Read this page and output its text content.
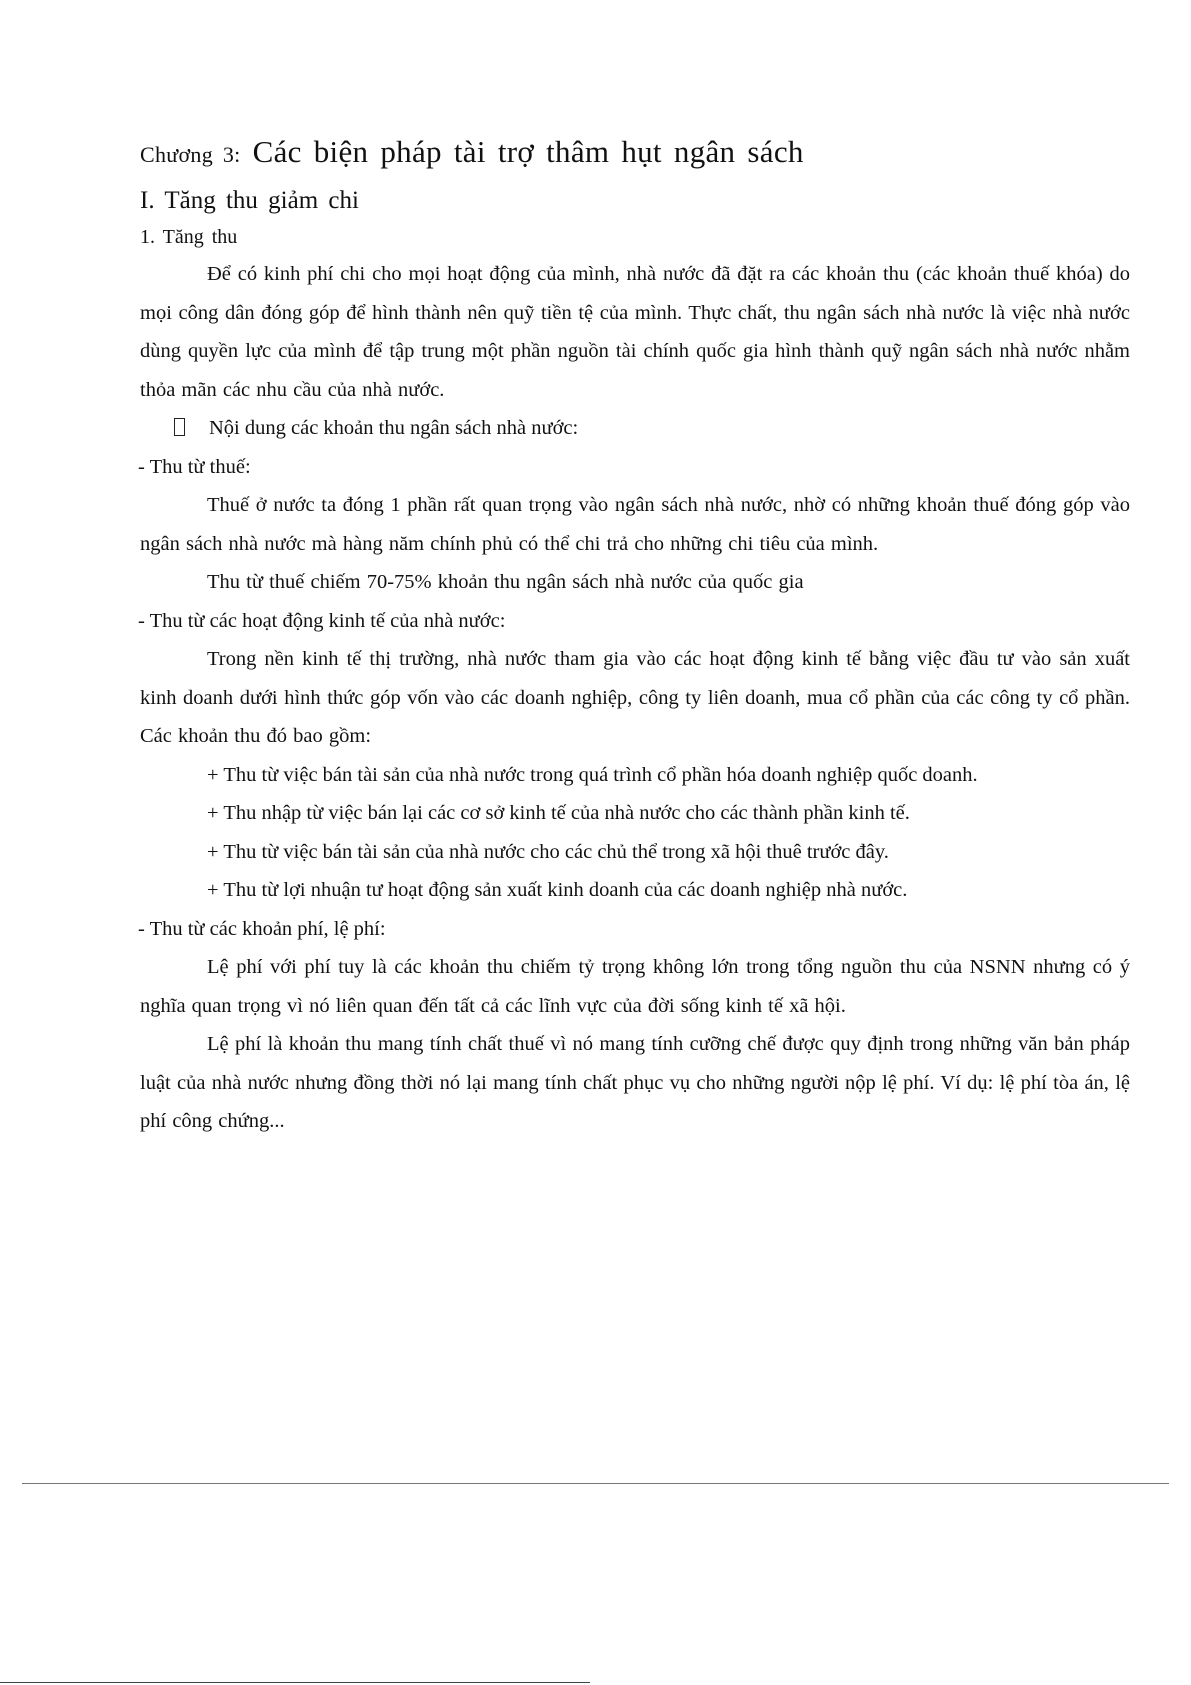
Chương 3: Các biện pháp tài trợ thâm hụt ngân sách
I. Tăng thu giảm chi
1. Tăng thu

Để có kinh phí chi cho mọi hoạt động của mình, nhà nước đã đặt ra các khoản thu (các khoản thuế khóa) do mọi công dân đóng góp để hình thành nên quỹ tiền tệ của mình. Thực chất, thu ngân sách nhà nước là việc nhà nước dùng quyền lực của mình để tập trung một phần nguồn tài chính quốc gia hình thành quỹ ngân sách nhà nước nhằm thỏa mãn các nhu cầu của nhà nước.

Nội dung các khoản thu ngân sách nhà nước:

- Thu từ thuế:

Thuế ở nước ta đóng 1 phần rất quan trọng vào ngân sách nhà nước, nhờ có những khoản thuế đóng góp vào ngân sách nhà nước mà hàng năm chính phủ có thể chi trả cho những chi tiêu của mình.

Thu từ thuế chiếm 70-75% khoản thu ngân sách nhà nước của quốc gia

- Thu từ các hoạt động kinh tế của nhà nước:

Trong nền kinh tế thị trường, nhà nước tham gia vào các hoạt động kinh tế bằng việc đầu tư vào sản xuất kinh doanh dưới hình thức góp vốn vào các doanh nghiệp, công ty liên doanh, mua cổ phần của các công ty cổ phần. Các khoản thu đó bao gồm:

+ Thu từ việc bán tài sản của nhà nước trong quá trình cổ phần hóa doanh nghiệp quốc doanh.

+ Thu nhập từ việc bán lại các cơ sở kinh tế của nhà nước cho các thành phần kinh tế.

+ Thu từ việc bán tài sản của nhà nước cho các chủ thể trong xã hội thuê trước đây.

+ Thu từ lợi nhuận tư hoạt động sản xuất kinh doanh của các doanh nghiệp nhà nước.

- Thu từ các khoản phí, lệ phí:

Lệ phí với phí tuy là các khoản thu chiếm tỷ trọng không lớn trong tổng nguồn thu của NSNN nhưng có ý nghĩa quan trọng vì nó liên quan đến tất cả các lĩnh vực của đời sống kinh tế xã hội.

Lệ phí là khoản thu mang tính chất thuế vì nó mang tính cưỡng chế được quy định trong những văn bản pháp luật của nhà nước nhưng đồng thời nó lại mang tính chất phục vụ cho những người nộp lệ phí. Ví dụ: lệ phí tòa án, lệ phí công chứng...
